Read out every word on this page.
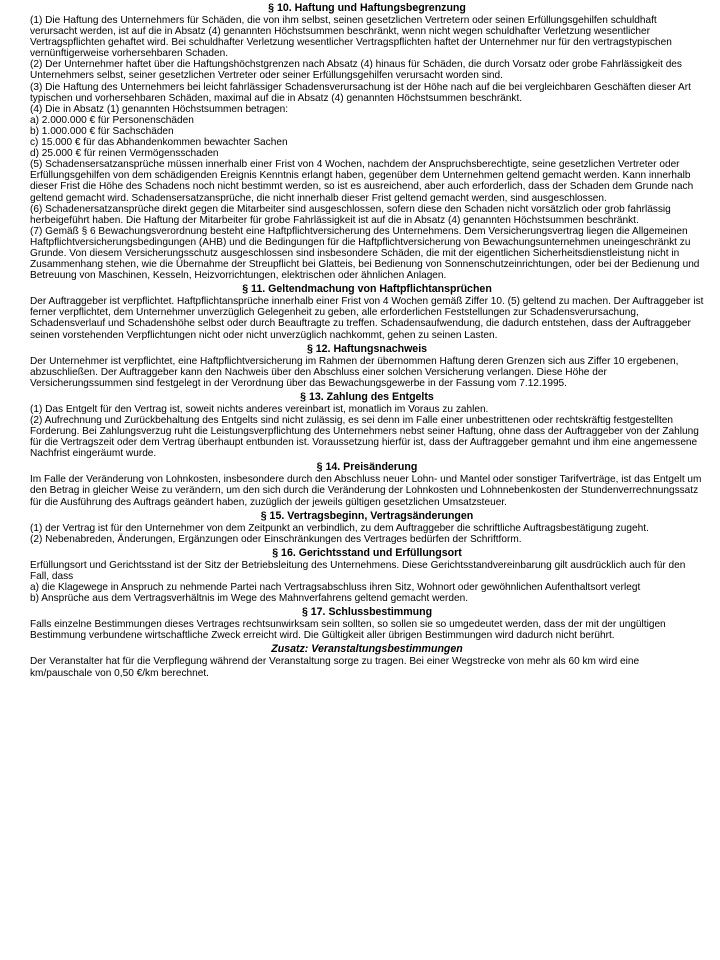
§ 10. Haftung und Haftungsbegrenzung

(1) Die Haftung des Unternehmers für Schäden, die von ihm selbst, seinen gesetzlichen Vertretern oder seinen Erfüllungsgehilfen schuldhaft verursacht werden, ist auf die in Absatz (4) genannten Höchstsummen beschränkt, wenn nicht wegen schuldhafter Verletzung wesentlicher Vertragspflichten gehaftet wird. Bei schuldhafter Verletzung wesentlicher Vertragspflichten haftet der Unternehmer nur für den vertragstypischen vernünftigerweise vorhersehbaren Schaden.

(2) Der Unternehmer haftet über die Haftungshöchstgrenzen nach Absatz (4) hinaus für Schäden, die durch Vorsatz oder grobe Fahrlässigkeit des Unternehmers selbst, seiner gesetzlichen Vertreter oder seiner Erfüllungsgehilfen verursacht worden sind.

(3) Die Haftung des Unternehmers bei leicht fahrlässiger Schadensverursachung ist der Höhe nach auf die bei vergleichbaren Geschäften dieser Art typischen und vorhersehbaren Schäden, maximal auf die in Absatz (4) genannten Höchstsummen beschränkt.

(4) Die in Absatz (1) genannten Höchstsummen betragen:

a) 2.000.000 € für Personenschäden

b) 1.000.000 € für Sachschäden

c) 15.000 € für das Abhandenkommen bewachter Sachen

d) 25.000 € für reinen Vermögensschaden

(5) Schadensersatzansprüche müssen innerhalb einer Frist von 4 Wochen, nachdem der Anspruchsberechtigte, seine gesetzlichen Vertreter oder Erfüllungsgehilfen von dem schädigenden Ereignis Kenntnis erlangt haben, gegenüber dem Unternehmen geltend gemacht werden. Kann innerhalb dieser Frist die Höhe des Schadens noch nicht bestimmt werden, so ist es ausreichend, aber auch erforderlich, dass der Schaden dem Grunde nach geltend gemacht wird. Schadensersatzansprüche, die nicht innerhalb dieser Frist geltend gemacht werden, sind ausgeschlossen.

(6) Schadenersatzansprüche direkt gegen die Mitarbeiter sind ausgeschlossen, sofern diese den Schaden nicht vorsätzlich oder grob fahrlässig herbeigeführt haben. Die Haftung der Mitarbeiter für grobe Fahrlässigkeit ist auf die in Absatz (4) genannten Höchstsummen beschränkt.

(7) Gemäß § 6 Bewachungsverordnung besteht eine Haftpflichtversicherung des Unternehmens. Dem Versicherungsvertrag liegen die Allgemeinen Haftpflichtversicherungsbedingungen (AHB) und die Bedingungen für die Haftpflichtversicherung von Bewachungsunternehmen uneingeschränkt zu Grunde. Von diesem Versicherungsschutz ausgeschlossen sind insbesondere Schäden, die mit der eigentlichen Sicherheitsdienstleistung nicht in Zusammenhang stehen, wie die Übernahme der Streupflicht bei Glatteis, bei Bedienung von Sonnenschutzeinrichtungen, oder bei der Bedienung und Betreuung von Maschinen, Kesseln, Heizvorrichtungen, elektrischen oder ähnlichen Anlagen.

§ 11. Geltendmachung von Haftpflichtansprüchen

Der Auftraggeber ist verpflichtet. Haftpflichtansprüche innerhalb einer Frist von 4 Wochen gemäß Ziffer 10. (5) geltend zu machen. Der Auftraggeber ist ferner verpflichtet, dem Unternehmer unverzüglich Gelegenheit zu geben, alle erforderlichen Feststellungen zur Schadensverursachung, Schadensverlauf und Schadenshöhe selbst oder durch Beauftragte zu treffen. Schadensaufwendung, die dadurch entstehen, dass der Auftraggeber seinen vorstehenden Verpflichtungen nicht oder nicht unverzüglich nachkommt, gehen zu seinen Lasten.

§ 12. Haftungsnachweis

Der Unternehmer ist verpflichtet, eine Haftpflichtversicherung im Rahmen der übernommen Haftung deren Grenzen sich aus Ziffer 10 ergebenen, abzuschließen. Der Auftraggeber kann den Nachweis über den Abschluss einer solchen Versicherung verlangen. Diese Höhe der Versicherungssummen sind festgelegt in der Verordnung über das Bewachungsgewerbe in der Fassung vom 7.12.1995.

§ 13. Zahlung des Entgelts

(1) Das Entgelt für den Vertrag ist, soweit nichts anderes vereinbart ist, monatlich im Voraus zu zahlen.

(2) Aufrechnung und Zurückbehaltung des Entgelts sind nicht zulässig, es sei denn im Falle einer unbestrittenen oder rechtskräftig festgestellten Forderung. Bei Zahlungsverzug ruht die Leistungsverpflichtung des Unternehmers nebst seiner Haftung, ohne dass der Auftraggeber von der Zahlung für die Vertragszeit oder dem Vertrag überhaupt entbunden ist. Voraussetzung hierfür ist, dass der Auftraggeber gemahnt und ihm eine angemessene Nachfrist eingeräumt wurde.

§ 14. Preisänderung

Im Falle der Veränderung von Lohnkosten, insbesondere durch den Abschluss neuer Lohn- und Mantel oder sonstiger Tarifverträge, ist das Entgelt um den Betrag in gleicher Weise zu verändern, um den sich durch die Veränderung der Lohnkosten und Lohnnebenkosten der Stundenverrechnungssatz für die Ausführung des Auftrags geändert haben, zuzüglich der jeweils gültigen gesetzlichen Umsatzsteuer.

§ 15. Vertragsbeginn, Vertragsänderungen

(1) der Vertrag ist für den Unternehmer von dem Zeitpunkt an verbindlich, zu dem Auftraggeber die schriftliche Auftragsbestätigung zugeht.

(2) Nebenabreden, Änderungen, Ergänzungen oder Einschränkungen des Vertrages bedürfen der Schriftform.

§ 16. Gerichtsstand und Erfüllungsort

Erfüllungsort und Gerichtsstand ist der Sitz der Betriebsleitung des Unternehmens. Diese Gerichtsstandvereinbarung gilt ausdrücklich auch für den Fall, dass

a) die Klagewege in Anspruch zu nehmende Partei nach Vertragsabschluss ihren Sitz, Wohnort oder gewöhnlichen Aufenthaltsort verlegt

b) Ansprüche aus dem Vertragsverhältnis im Wege des Mahnverfahrens geltend gemacht werden.

§ 17. Schlussbestimmung

Falls einzelne Bestimmungen dieses Vertrages rechtsunwirksam sein sollten, so sollen sie so umgedeutet werden, dass der mit der ungültigen Bestimmung verbundene wirtschaftliche Zweck erreicht wird. Die Gültigkeit aller übrigen Bestimmungen wird dadurch nicht berührt.

Zusatz: Veranstaltungsbestimmungen

Der Veranstalter hat für die Verpflegung während der Veranstaltung sorge zu tragen. Bei einer Wegstrecke von mehr als 60 km wird eine km/pauschale von 0,50 €/km berechnet.
